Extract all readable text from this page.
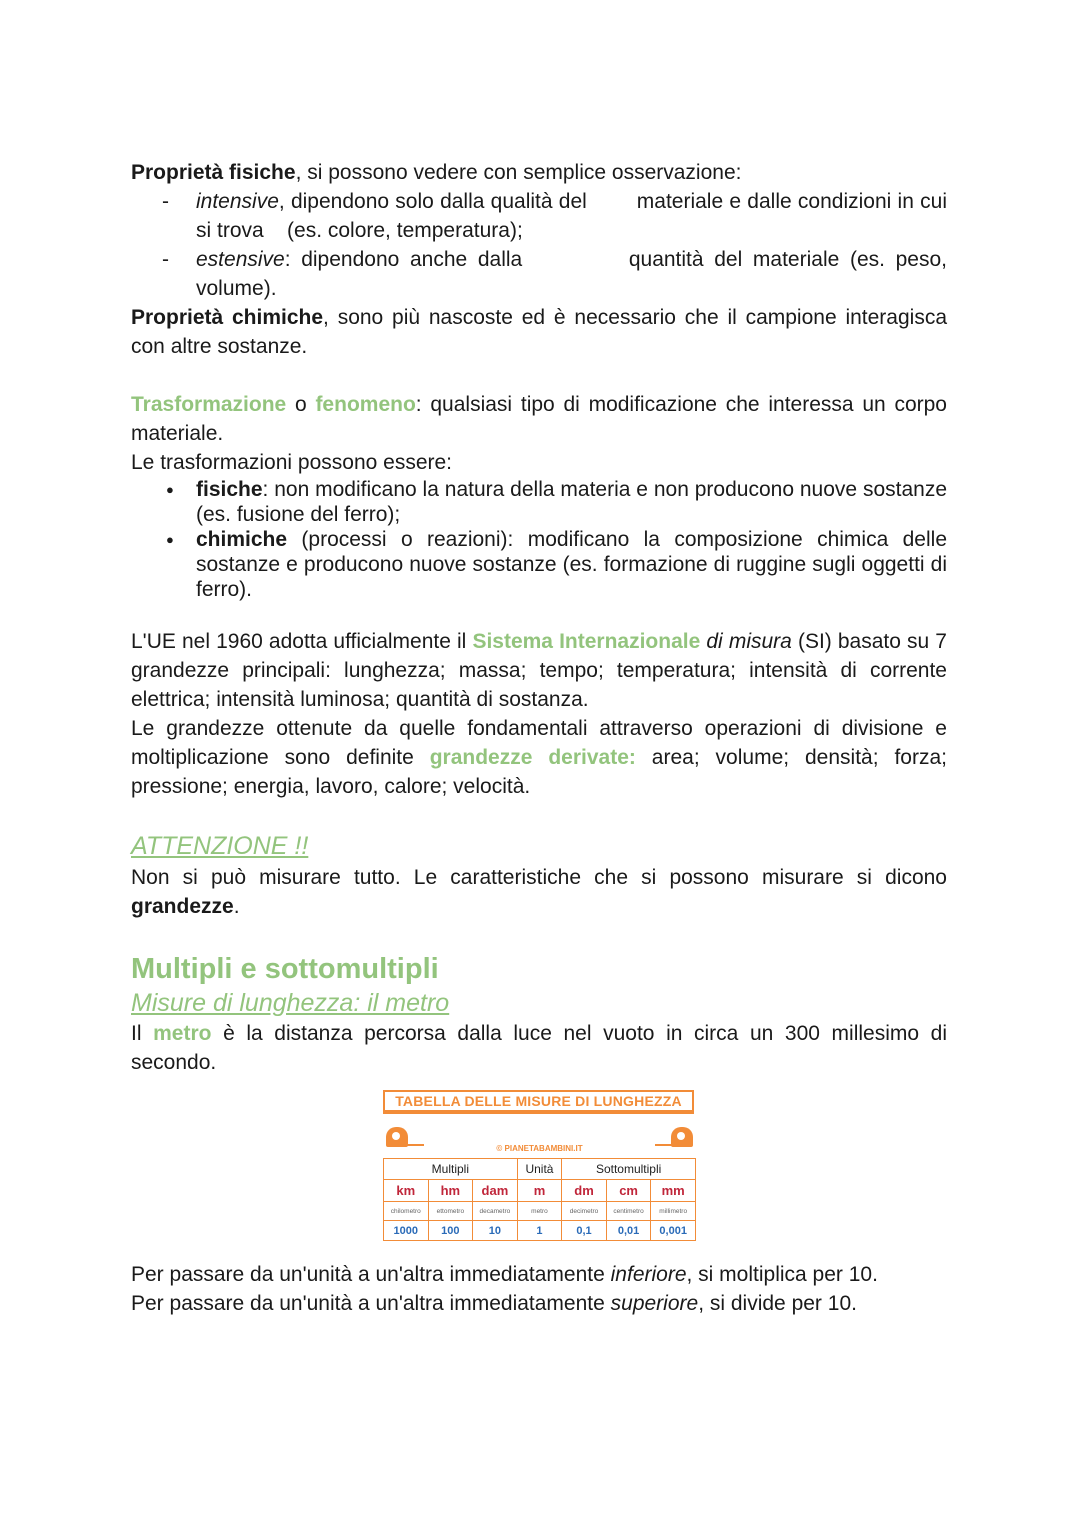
Proprietà fisiche, si possono vedere con semplice osservazione:

- intensive, dipendono solo dalla qualità del        materiale e dalle condizioni in cui si trova    (es. colore, temperatura);
- estensive: dipendono anche dalla          quantità del materiale (es. peso, volume).

Proprietà chimiche, sono più nascoste ed è necessario che il campione interagisca con altre sostanze.

Trasformazione o fenomeno: qualsiasi tipo di modificazione che interessa un corpo materiale.

Le trasformazioni possono essere:

● fisiche: non modificano la natura della materia e non producono nuove sostanze (es. fusione del ferro);
● chimiche (processi o reazioni): modificano la composizione chimica delle sostanze e producono nuove sostanze (es. formazione di ruggine sugli oggetti di ferro).

L'UE nel 1960 adotta ufficialmente il Sistema Internazionale di misura (SI) basato su 7 grandezze principali: lunghezza; massa; tempo; temperatura; intensità di corrente elettrica; intensità luminosa; quantità di sostanza.

Le grandezze ottenute da quelle fondamentali attraverso operazioni di divisione e moltiplicazione sono definite grandezze derivate: area; volume; densità; forza; pressione; energia, lavoro, calore; velocità.

ATTENZIONE !!

Non si può misurare tutto. Le caratteristiche che si possono misurare si dicono grandezze.

Multipli e sottomultipli
Misure di lunghezza: il metro

Il metro è la distanza percorsa dalla luce nel vuoto in circa un 300 millesimo di secondo.

TABELLA DELLE MISURE DI LUNGHEZZA
© PIANETABAMBINI.IT
Multipli			Unità	Sottomultipli		
km	hm	dam	m	dm	cm	mm
chilometro	ettometro	decametro	metro	decimetro	centimetro	millimetro
1000	100	10	1	0,1	0,01	0,001

Per passare da un'unità a un'altra immediatamente inferiore, si moltiplica per 10.

Per passare da un'unità a un'altra immediatamente superiore, si divide per 10.
